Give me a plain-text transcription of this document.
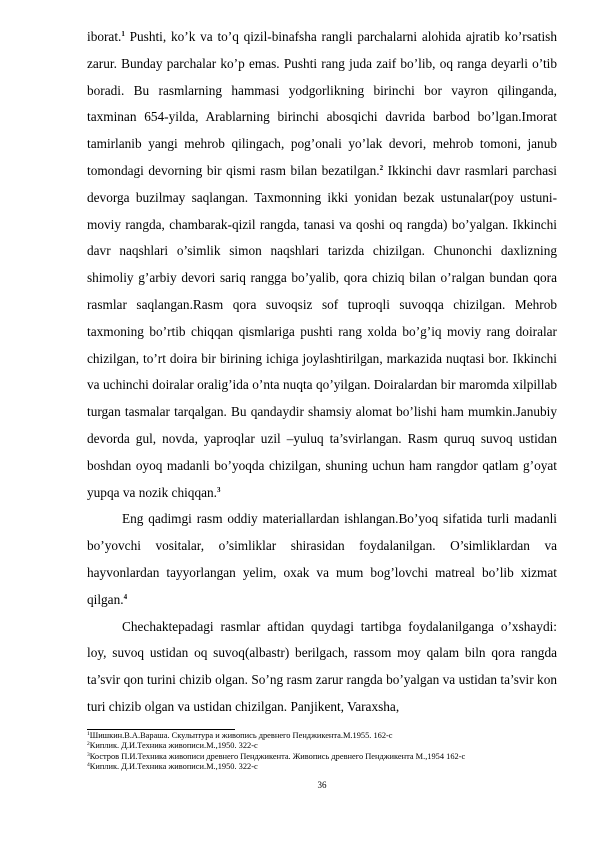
iborat.$^1$ Pushti, ko’k va to’q qizil-binafsha rangli parchalarni alohida ajratib ko’rsatish zarur. Bunday parchalar ko’p emas. Pushti rang juda zaif bo’lib, oq ranga deyarli o’tib boradi. Bu rasmlarning hammasi yodgorlikning birinchi bor vayron qilinganda, taxminan 654-yilda, Arablarning birinchi abosqichi davrida barbod bo’lgan.Imorat tamirlanib yangi mehrob qilingach, pog’onali yo’lak devori, mehrob tomoni, janub tomondagi devorning bir qismi rasm bilan bezatilgan.$^2$ Ikkinchi davr rasmlari parchasi devorga buzilmay saqlangan. Taxmonning ikki yonidan bezak ustunalar(poy ustuni-moviy rangda, chambarak-qizil rangda, tanasi va qoshi oq rangda) bo’yalgan. Ikkinchi davr naqshlari o’simlik simon naqshlari tarizda chizilgan. Chunonchi daxlizning shimoliy g’arbiy devori sariq rangga bo’yalib, qora chiziq bilan o’ralgan bundan qora rasmlar saqlangan.Rasm qora suvoqsiz sof tuproqli suvoqqa chizilgan. Mehrob taxmoning bo’rtib chiqqan qismlariga pushti rang xolda bo’g’iq moviy rang doiralar chizilgan, to’rt doira bir birining ichiga joylashtirilgan, markazida nuqtasi bor. Ikkinchi va uchinchi doiralar oralig’ida o’nta nuqta qo’yilgan. Doiralardan bir maromda xilpillab turgan tasmalar tarqalgan. Bu qandaydir shamsiy alomat bo’lishi ham mumkin.Janubiy devorda gul, novda, yaproqlar uzil –yuluq ta’svirlangan. Rasm quruq suvoq ustidan boshdan oyoq madanli bo’yoqda chizilgan, shuning uchun ham rangdor qatlam g’oyat yupqa va nozik chiqqan.$^3$

Eng qadimgi rasm oddiy materiallardan ishlangan.Bo’yoq sifatida turli madanli bo’yovchi vositalar, o’simliklar shirasidan foydalanilgan. O’simliklardan va hayvonlardan tayyorlangan yelim, oxak va mum bog’lovchi matreal bo’lib xizmat qilgan.$^4$

Chechaktepadagi rasmlar aftidan quydagi tartibga foydalanilganga o’xshaydi: loy, suvoq ustidan oq suvoq(albastr) berilgach, rassom moy qalam biln qora rangda ta’svir qon turini chizib olgan. So’ng rasm zarur rangda bo’yalgan va ustidan ta’svir kon turi chizib olgan va ustidan chizilgan. Panjikent, Varaxsha,

$^1$Шишкин.В.А.Вараша. Скульптура и живопись древнего Пенджикента.М.1955. 162-с
$^2$Киплик. Д.И.Техника живописи.М.,1950. 322-с
$^3$Костров П.И.Техника живописи древнего Пенджикента. Живопись древнего Пенджикента М.,1954 162-с
$^4$Киплик. Д.И.Техника живописи.М.,1950. 322-с
36
